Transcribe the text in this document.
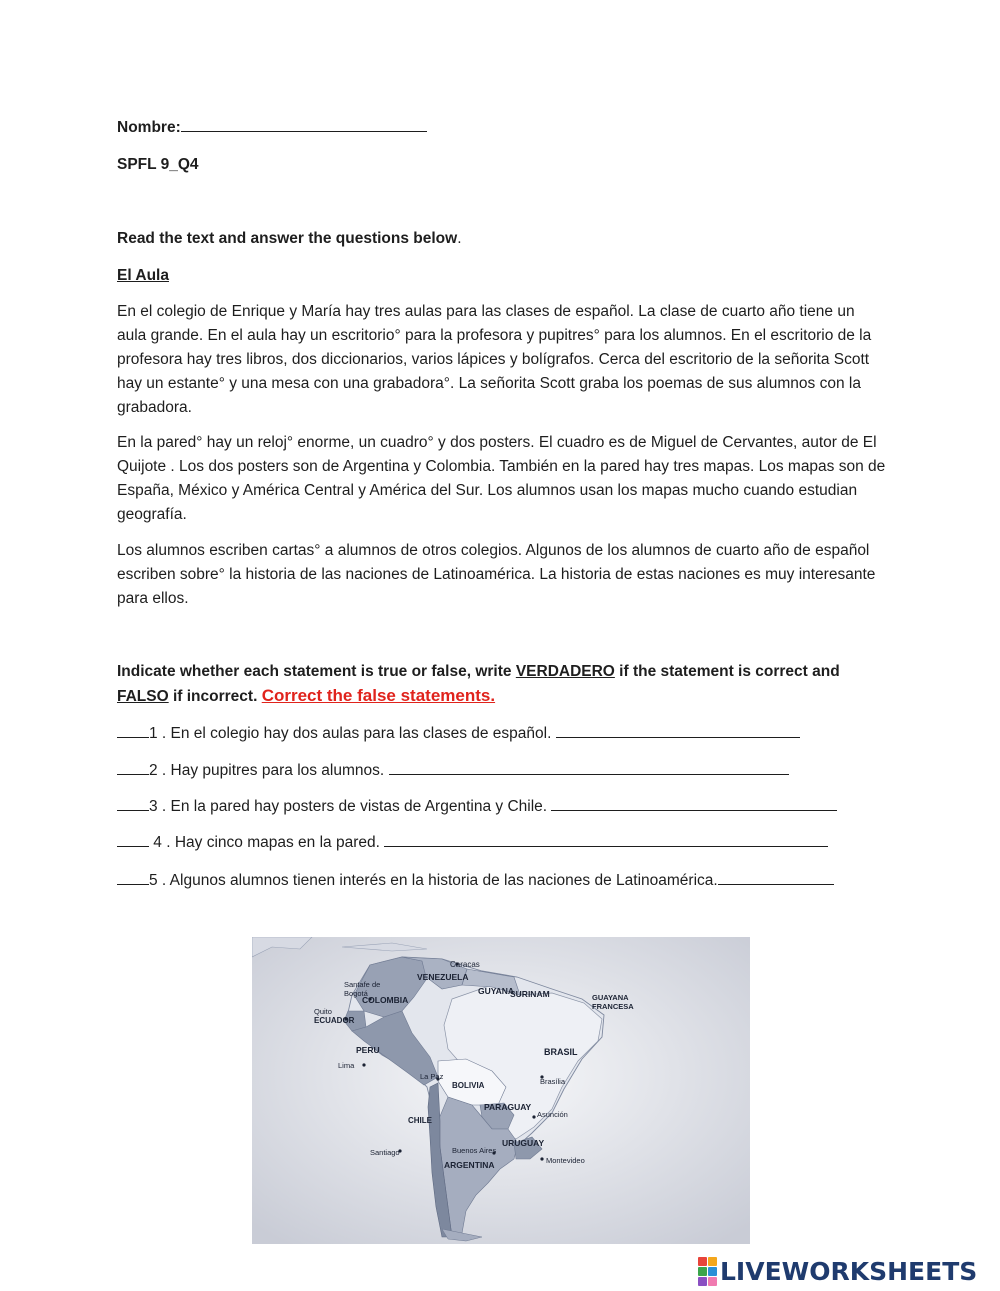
Nombre:
SPFL 9_Q4
Read the text and answer the questions below.
El Aula
En el colegio de Enrique y María hay tres aulas para las clases de español. La clase de cuarto año tiene un aula grande. En el aula hay un escritorio° para la profesora y pupitres° para los alumnos. En el escritorio de la profesora hay tres libros, dos diccionarios, varios lápices y bolígrafos. Cerca del escritorio de la señorita Scott hay un estante° y una mesa con una grabadora°. La señorita Scott graba los poemas de sus alumnos con la grabadora.
En la pared° hay un reloj° enorme, un cuadro° y dos posters. El cuadro es de Miguel de Cervantes, autor de El Quijote . Los dos posters son de Argentina y Colombia. También en la pared hay tres mapas. Los mapas son de España, México y América Central y América del Sur. Los alumnos usan los mapas mucho cuando estudian geografía.
Los alumnos escriben cartas° a alumnos de otros colegios. Algunos de los alumnos de cuarto año de español escriben sobre° la historia de las naciones de Latinoamérica. La historia de estas naciones es muy interesante para ellos.
Indicate whether each statement is true or false, write VERDADERO if the statement is correct and
FALSO if incorrect. Correct the false statements.
1 . En el colegio hay dos aulas para las clases de español.
2 . Hay pupitres para los alumnos.
3 . En la pared hay posters de vistas de Argentina y Chile.
4 . Hay cinco mapas en la pared.
5 . Algunos alumnos tienen interés en la historia de las naciones de Latinoamérica.
Caracas
VENEZUELA
GUYANA
SURINAM	GUAYANA
FRANCESA
Santafe de
Bogotá
COLOMBIA
Quito
ECUADOR
PERU
Lima
BRASIL
Brasília
La Paz
BOLIVIA
PARAGUAY
Asunción
CHILE
URUGUAY
Buenos Aires
Santiago
Montevideo
ARGENTINA
LIVEWORKSHEETS
